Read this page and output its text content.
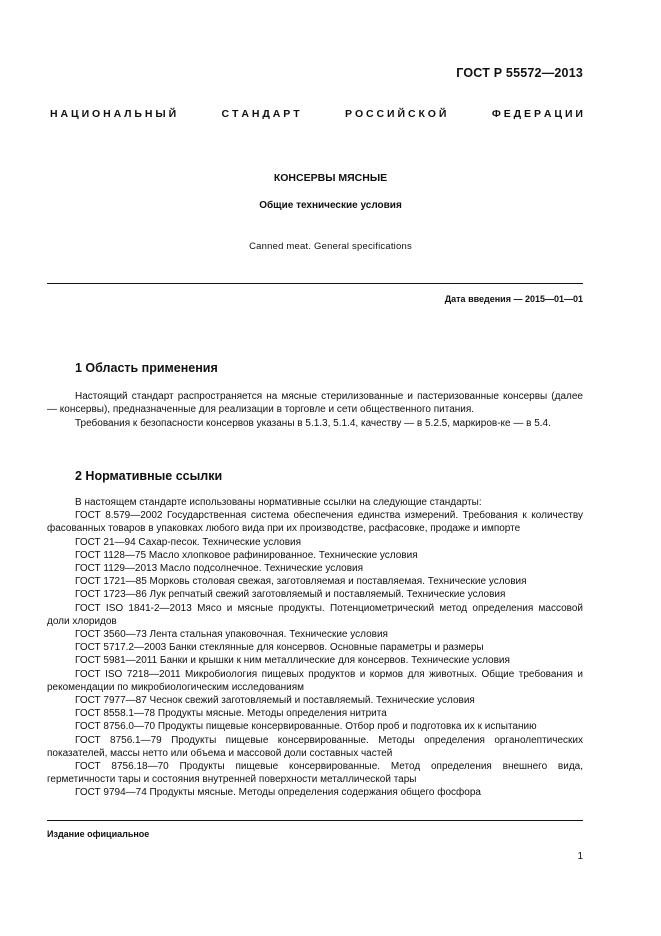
ГОСТ Р 55572—2013
Н А Ц И О Н А Л Ь Н Ы Й	С Т А Н Д А Р Т	Р О С С И Й С К О Й	Ф Е Д Е Р А Ц И И
КОНСЕРВЫ МЯСНЫЕ
Общие технические условия
Canned meat. General specifications
Дата введения — 2015—01—01
1 Область применения
Настоящий стандарт распространяется на мясные стерилизованные и пастеризованные консервы (далее — консервы), предназначенные для реализации в торговле и сети общественного питания.
Требования к безопасности консервов указаны в 5.1.3, 5.1.4, качеству — в 5.2.5, маркиров-ке — в 5.4.
2 Нормативные ссылки

В настоящем стандарте использованы нормативные ссылки на следующие стандарты:

ГОСТ 8.579—2002 Государственная система обеспечения единства измерений. Требования к количеству фасованных товаров в упаковках любого вида при их производстве, расфасовке, продаже и импорте

ГОСТ 21—94 Сахар-песок. Технические условия

ГОСТ 1128—75 Масло хлопковое рафинированное. Технические условия

ГОСТ 1129—2013 Масло подсолнечное. Технические условия

ГОСТ 1721—85 Морковь столовая свежая, заготовляемая и поставляемая. Технические условия

ГОСТ 1723—86 Лук репчатый свежий заготовляемый и поставляемый. Технические условия

ГОСТ ISO 1841-2—2013 Мясо и мясные продукты. Потенциометрический метод определения массовой доли хлоридов

ГОСТ 3560—73 Лента стальная упаковочная. Технические условия

ГОСТ 5717.2—2003 Банки стеклянные для консервов. Основные параметры и размеры

ГОСТ 5981—2011 Банки и крышки к ним металлические для консервов. Технические условия

ГОСТ ISO 7218—2011 Микробиология пищевых продуктов и кормов для животных. Общие требования и рекомендации по микробиологическим исследованиям

ГОСТ 7977—87 Чеснок свежий заготовляемый и поставляемый. Технические условия

ГОСТ 8558.1—78 Продукты мясные. Методы определения нитрита

ГОСТ 8756.0—70 Продукты пищевые консервированные. Отбор проб и подготовка их к испытанию

ГОСТ 8756.1—79 Продукты пищевые консервированные. Методы определения органолептических показателей, массы нетто или объема и массовой доли составных частей

ГОСТ 8756.18—70 Продукты пищевые консервированные. Метод определения внешнего вида, герметичности тары и состояния внутренней поверхности металлической тары

ГОСТ 9794—74 Продукты мясные. Методы определения содержания общего фосфора

Издание официальное
1
